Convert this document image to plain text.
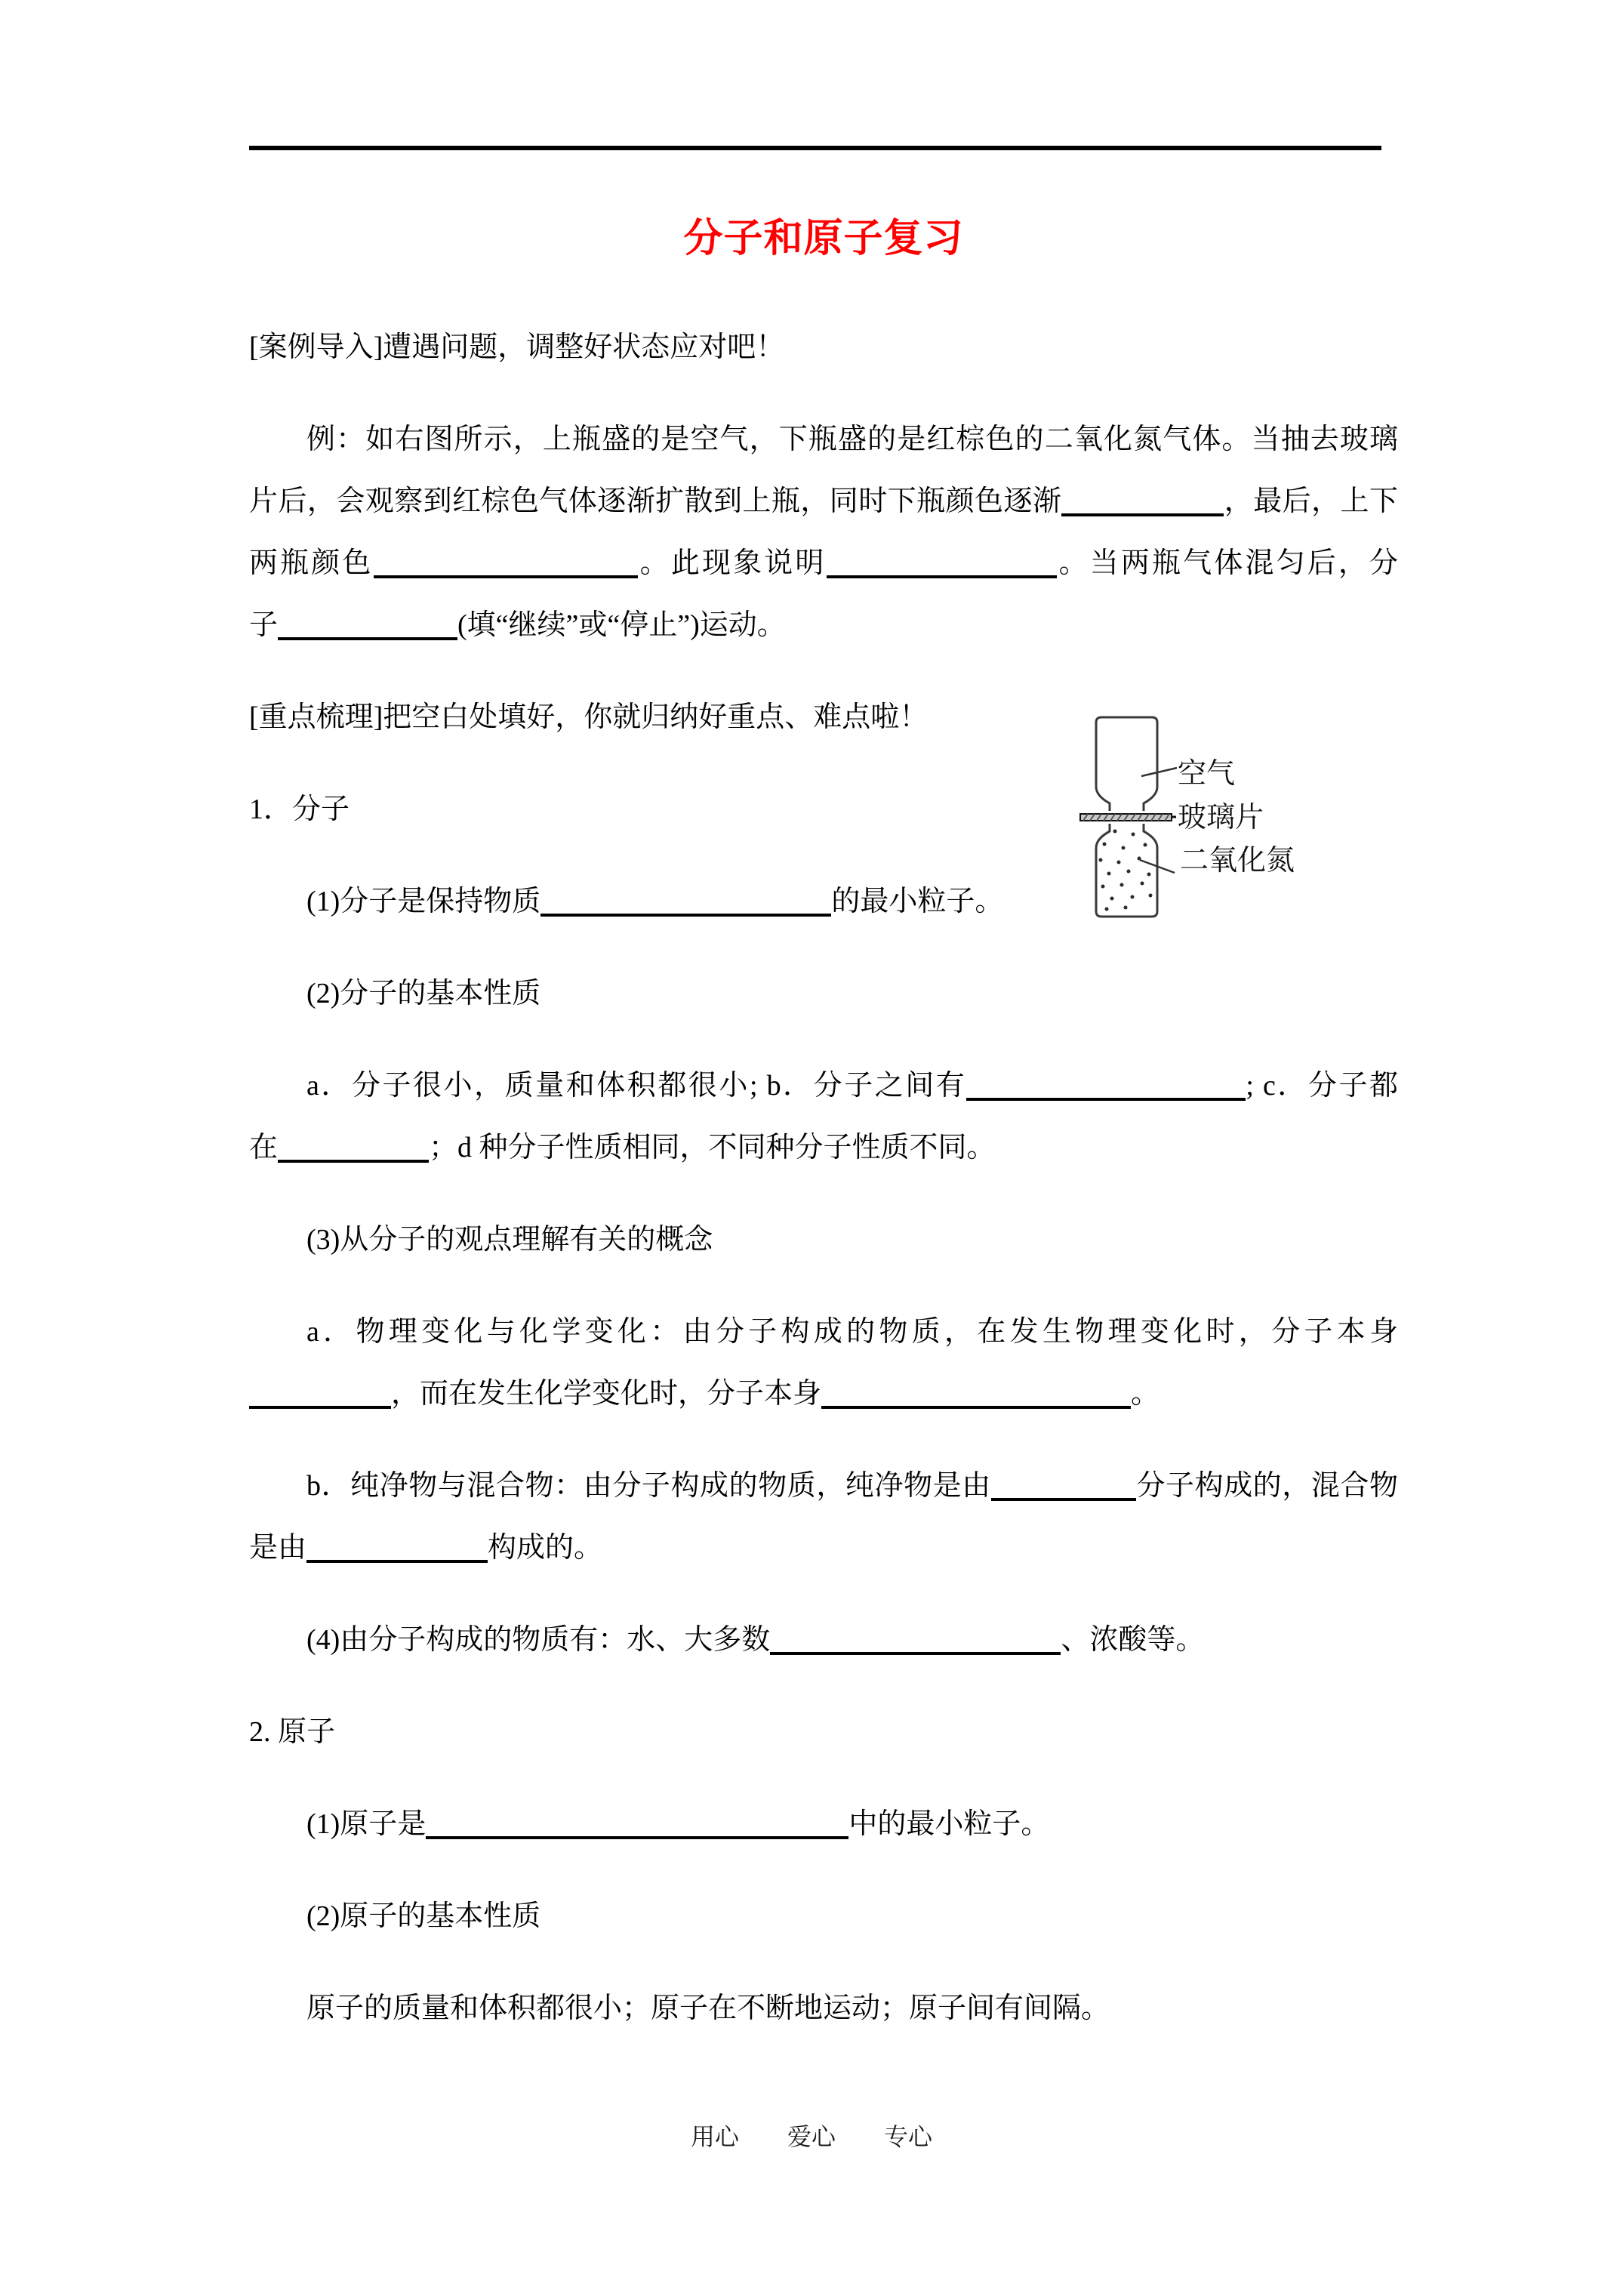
分子和原子复习
[案例导入]遭遇问题，调整好状态应对吧！
例：如右图所示，上瓶盛的是空气，下瓶盛的是红棕色的二氧化氮气体。当抽去玻璃
片后，会观察到红棕色气体逐渐扩散到上瓶，同时下瓶颜色逐渐	，最后，上下
两瓶颜色	。此现象说明	。当两瓶气体混匀后，分
子	(填“继续”或“停止”)运动。
[重点梳理]把空白处填好，你就归纳好重点、难点啦！
1．分子
(1)分子是保持物质	的最小粒子。
(2)分子的基本性质
a．分子很小，质量和体积都很小; b．分子之间有	; c．分子都
在	；d 种分子性质相同，不同种分子性质不同。
(3)从分子的观点理解有关的概念
a．物理变化与化学变化：由分子构成的物质，在发生物理变化时，分子本身
，而在发生化学变化时，分子本身	。
b．纯净物与混合物：由分子构成的物质，纯净物是由	分子构成的，混合物
是由	构成的。
(4)由分子构成的物质有：水、大多数	、浓酸等。
2. 原子
(1)原子是	中的最小粒子。
(2)原子的基本性质
原子的质量和体积都很小；原子在不断地运动；原子间有间隔。
空气
玻璃片
二氧化氮
用心 爱心 专心
